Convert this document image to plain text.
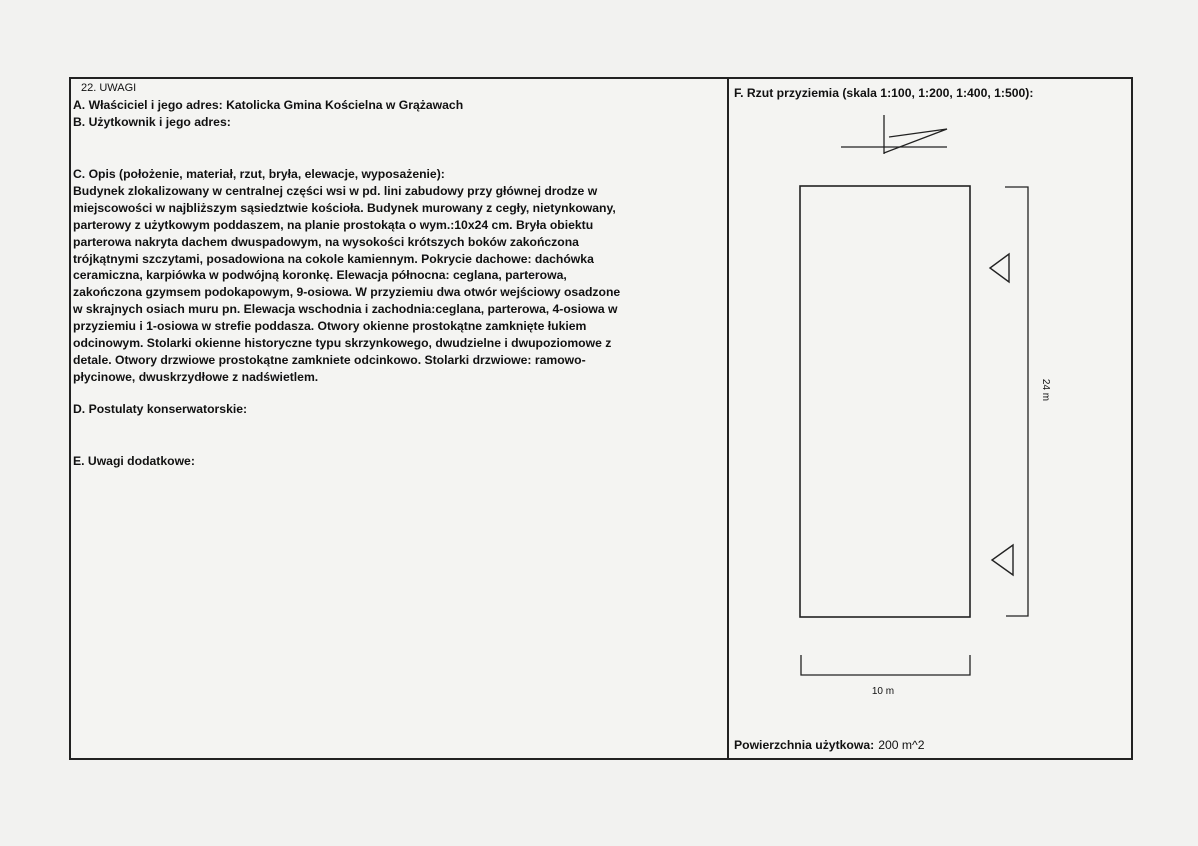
22. UWAGI
A. Właściciel i jego adres: Katolicka Gmina Kościelna w Grążawach
B. Użytkownik i jego adres:
C. Opis (położenie, materiał, rzut, bryła, elewacje, wyposażenie):
Budynek zlokalizowany w centralnej części wsi w pd. lini zabudowy przy głównej drodze w
miejscowości w najbliższym sąsiedztwie kościoła. Budynek murowany z cegły, nietynkowany,
parterowy z użytkowym poddaszem, na planie prostokąta o wym.:10x24 cm. Bryła obiektu
parterowa nakryta dachem dwuspadowym, na wysokości krótszych boków zakończona
trójkątnymi szczytami, posadowiona na cokole kamiennym. Pokrycie dachowe: dachówka
ceramiczna, karpiówka w podwójną koronkę. Elewacja północna: ceglana, parterowa,
zakończona gzymsem podokapowym, 9-osiowa. W przyziemiu dwa otwór wejściowy osadzone
w skrajnych osiach muru pn. Elewacja wschodnia i zachodnia:ceglana, parterowa, 4-osiowa w
przyziemiu i 1-osiowa w strefie poddasza. Otwory okienne prostokątne zamknięte łukiem
odcinowym. Stolarki okienne historyczne typu skrzynkowego, dwudzielne i dwupoziomowe z
detale. Otwory drzwiowe prostokątne zamkniete odcinkowo. Stolarki drzwiowe: ramowo-
płycinowe, dwuskrzydłowe z nadświetlem.
D. Postulaty konserwatorskie:
E. Uwagi dodatkowe:
F. Rzut przyziemia (skala 1:100, 1:200, 1:400, 1:500):
24 m
10 m
Powierzchnia użytkowa: 200 m^2
